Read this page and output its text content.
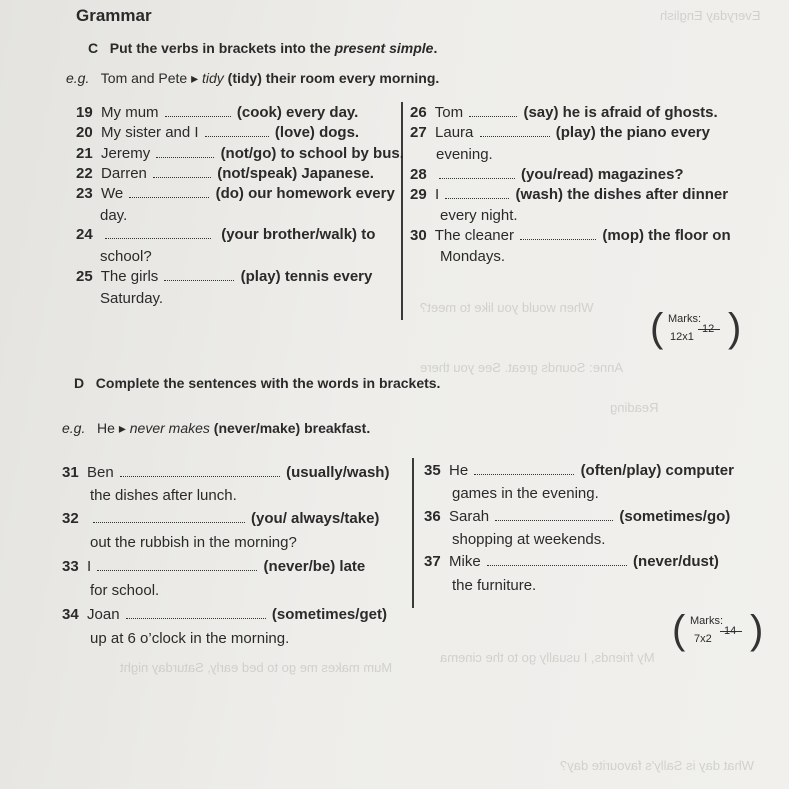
Everyday English
When would you like to meet?
Anne: Sounds great. See you there
Reading
My friends, I usually go to the cinema
Mum makes me go to bed early, Saturday night
What day is Sally's favourite day?
Grammar
C Put the verbs in brackets into the present simple.
e.g. Tom and Pete ▸ tidy (tidy) their room every morning.
19 My mum	(cook) every day.
20 My sister and I	(love) dogs.
21 Jeremy	(not/go) to school by bus.
22 Darren	(not/speak) Japanese.
23 We	(do) our homework every
day.
24	(your brother/walk) to
school?
25 The girls	(play) tennis every
Saturday.
26 Tom	(say) he is afraid of ghosts.
27 Laura	(play) the piano every
evening.
28	(you/read) magazines?
29 I	(wash) the dishes after dinner
every night.
30 The cleaner	(mop) the floor on
Mondays.
( Marks:
12x1
12 )
D Complete the sentences with the words in brackets.
e.g. He ▸ never makes (never/make) breakfast.
31 Ben	(usually/wash)
the dishes after lunch.
32	(you/ always/take)
out the rubbish in the morning?
33 I	(never/be) late
for school.
34 Joan	(sometimes/get)
up at 6 o’clock in the morning.
35 He	(often/play) computer
games in the evening.
36 Sarah	(sometimes/go)
shopping at weekends.
37 Mike	(never/dust)
the furniture.
( Marks:
7x2
14 )
